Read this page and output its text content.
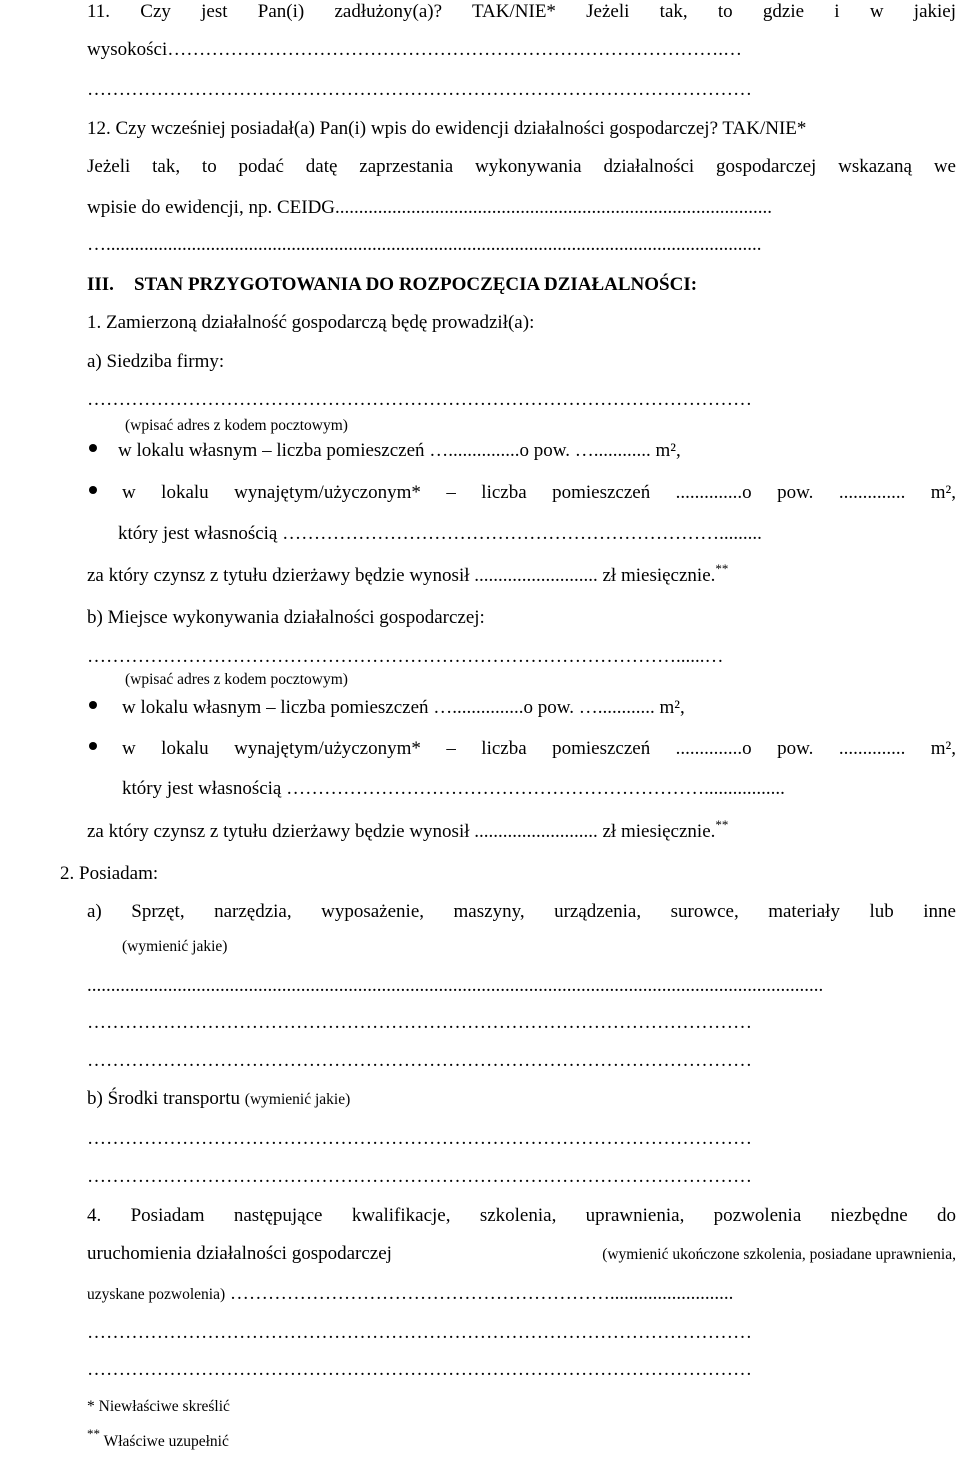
11. Czy jest Pan(i) zadłużony(a)? TAK/NIE* Jeżeli tak, to gdzie i w jakiej

wysokości…………………………………………………………………………….…

……………………………………………………………………………………………

12. Czy wcześniej posiadał(a) Pan(i) wpis do ewidencji działalności gospodarczej? TAK/NIE*

Jeżeli tak, to podać datę zaprzestania wykonywania działalności gospodarczej wskazaną we

wpisie do ewidencji, np. CEIDG............................................................................................

…..........................................................................................................................................

III. STAN PRZYGOTOWANIA DO ROZPOCZĘCIA DZIAŁALNOŚCI:

1. Zamierzoną działalność gospodarczą będę prowadził(a):

a) Siedziba firmy:

……………………………………………………………………………………………

(wpisać adres z kodem pocztowym)

w lokalu własnym – liczba pomieszczeń …...............o pow. …............ m²,

w lokalu wynajętym/użyczonym* – liczba pomieszczeń ..............o pow. .............. m²,

który jest własnością …………………………………………………………….........

za który czynsz z tytułu dzierżawy będzie wynosił .......................... zł miesięcznie.**

b) Miejsce wykonywania działalności gospodarczej:

…………………………………………………………………………………......…

(wpisać adres z kodem pocztowym)

w lokalu własnym – liczba pomieszczeń …...............o pow. …............ m²,

w lokalu wynajętym/użyczonym* – liczba pomieszczeń ..............o pow. .............. m²,

który jest własnością ………………………………………………………….................

za który czynsz z tytułu dzierżawy będzie wynosił .......................... zł miesięcznie.**

2. Posiadam:

a) Sprzęt, narzędzia, wyposażenie, maszyny, urządzenia, surowce, materiały lub inne

(wymienić jakie)

...........................................................................................................................................................

……………………………………………………………………………………………

……………………………………………………………………………………………

b) Środki transportu (wymienić jakie)

……………………………………………………………………………………………

……………………………………………………………………………………………

4. Posiadam następujące kwalifikacje, szkolenia, uprawnienia, pozwolenia niezbędne do

uruchomienia działalności gospodarczej	(wymienić ukończone szkolenia, posiadane uprawnienia,

uzyskane pozwolenia) ……………………………………………………..........................

……………………………………………………………………………………………

……………………………………………………………………………………………

* Niewłaściwe skreślić

** Właściwe uzupełnić
